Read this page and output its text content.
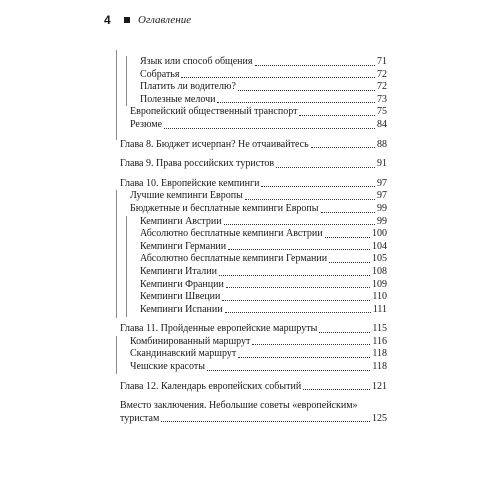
4	Оглавление
Язык или способ общения	71
Собратья	72
Платить ли водителю?	72
Полезные мелочи	73
Европейский общественный транспорт	75
Резюме	84
Глава 8. Бюджет исчерпан? Не отчаивайтесь	88
Глава 9. Права российских туристов	91
Глава 10. Европейские кемпинги	97
Лучшие кемпинги Европы	97
Бюджетные и бесплатные кемпинги Европы	99
Кемпинги Австрии	99
Абсолютно бесплатные кемпинги Австрии	100
Кемпинги Германии	104
Абсолютно бесплатные кемпинги Германии	105
Кемпинги Италии	108
Кемпинги Франции	109
Кемпинги Швеции	110
Кемпинги Испании	111
Глава 11. Пройденные европейские маршруты	115
Комбинированный маршрут	116
Скандинавский маршрут	118
Чешские красоты	118
Глава 12. Календарь европейских событий	121
Вместо заключения. Небольшие советы «европейским»
туристам	125
